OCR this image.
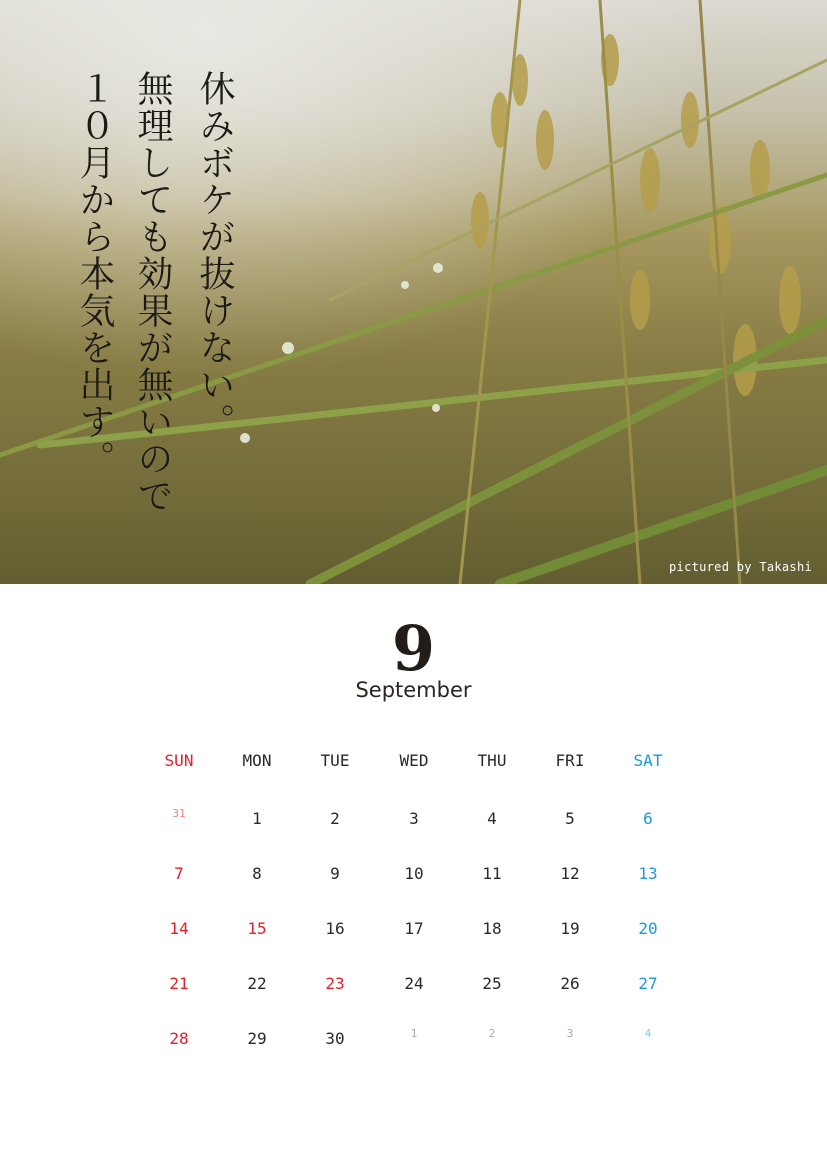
休みボケが抜けない。
無理しても効果が無いので
１０月から本気を出す。
pictured by Takashi
9
September
SUN	MON	TUE	WED	THU	FRI	SAT
31	1	2	3	4	5	6
7	8	9	10	11	12	13
14	15	16	17	18	19	20
21	22	23	24	25	26	27
28	29	30	1	2	3	4
